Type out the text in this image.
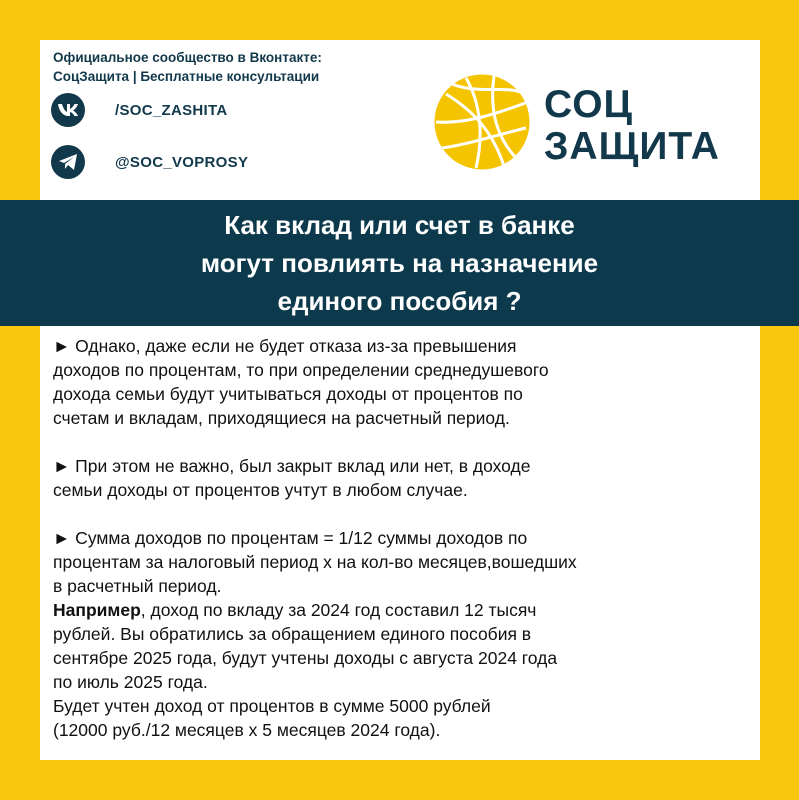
Официальное сообщество в Вконтакте:
СоцЗащита | Бесплатные консультации
/SOC_ZASHITA
@SOC_VOPROSY
СОЦ
ЗАЩИТА
Как вклад или счет в банке
могут повлиять на назначение
единого пособия ?
► Однако, даже если не будет отказа из-за превышения
доходов по процентам, то при определении среднедушевого
дохода семьи будут учитываться доходы от процентов по
счетам и вкладам, приходящиеся на расчетный период.
► При этом не важно, был закрыт вклад или нет, в доходе
семьи доходы от процентов учтут в любом случае.
► Сумма доходов по процентам = 1/12 суммы доходов по
процентам за налоговый период х на кол-во месяцев,вошедших
в расчетный период.
Например, доход по вкладу за 2024 год составил 12 тысяч
рублей. Вы обратились за обращением единого пособия в
сентябре 2025 года, будут учтены доходы с августа 2024 года
по июль 2025 года.
Будет учтен доход от процентов в сумме 5000 рублей
(12000 руб./12 месяцев х 5 месяцев 2024 года).
